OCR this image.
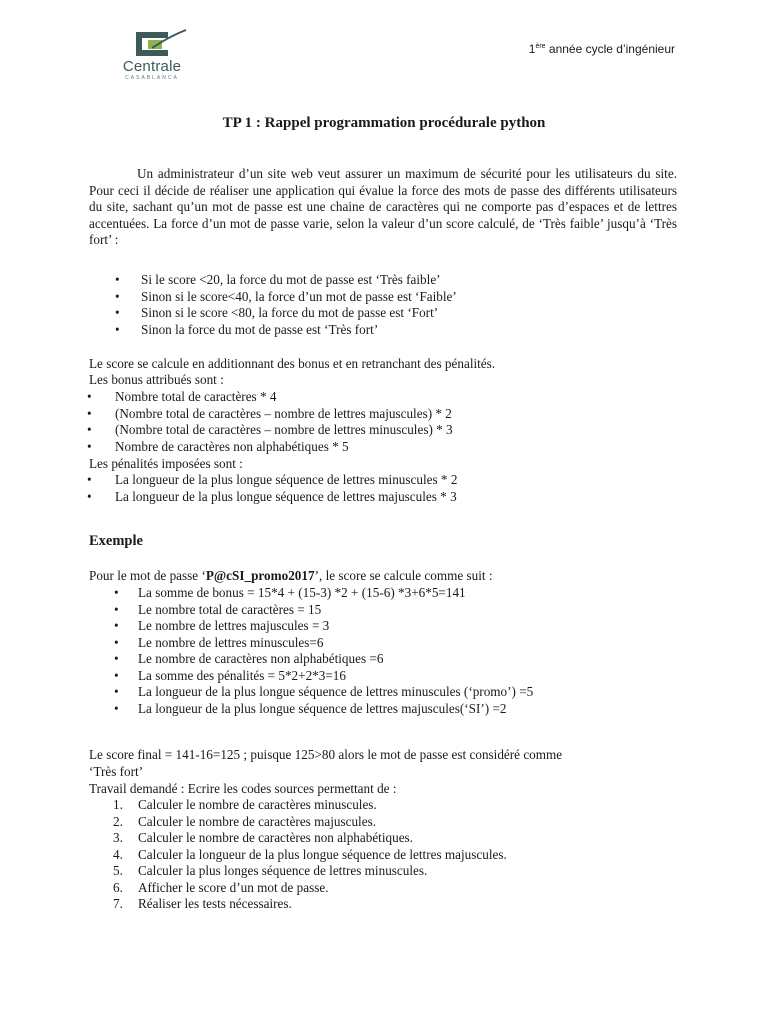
Centrale
CASABLANCA
1ère année cycle d’ingénieur
TP 1 : Rappel programmation procédurale python
Un administrateur d’un site web veut assurer un maximum de sécurité pour les utilisateurs du site. Pour ceci il décide de réaliser une application qui évalue la force des mots de passe des différents utilisateurs du site, sachant qu’un mot de passe est une chaine de caractères qui ne comporte pas d’espaces et de lettres accentuées. La force d’un mot de passe varie, selon la valeur d’un score calculé, de ‘Très faible’ jusqu’à ‘Très fort’ :
• Si le score <20, la force du mot de passe est ‘Très faible’
• Sinon si le score<40, la force d’un mot de passe est ‘Faible’
• Sinon si le score <80, la force du mot de passe est ‘Fort’
• Sinon la force du mot de passe est ‘Très fort’
Le score se calcule en additionnant des bonus et en retranchant des pénalités.
Les bonus attribués sont :
• Nombre total de caractères * 4
• (Nombre total de caractères – nombre de lettres majuscules) * 2
• (Nombre total de caractères – nombre de lettres minuscules) * 3
• Nombre de caractères non alphabétiques * 5
Les pénalités imposées sont :
• La longueur de la plus longue séquence de lettres minuscules * 2
• La longueur de la plus longue séquence de lettres majuscules * 3
Exemple
Pour le mot de passe ‘P@cSI_promo2017’, le score se calcule comme suit :
• La somme de bonus = 15*4 + (15-3) *2 + (15-6) *3+6*5=141
• Le nombre total de caractères = 15
• Le nombre de lettres majuscules = 3
• Le nombre de lettres minuscules=6
• Le nombre de caractères non alphabétiques =6
• La somme des pénalités = 5*2+2*3=16
• La longueur de la plus longue séquence de lettres minuscules (‘promo’) =5
• La longueur de la plus longue séquence de lettres majuscules(‘SI’) =2
Le score final = 141-16=125 ; puisque 125>80 alors le mot de passe est considéré comme
‘Très fort’
Travail demandé : Ecrire les codes sources permettant de :
1. Calculer le nombre de caractères minuscules.
2. Calculer le nombre de caractères majuscules.
3. Calculer le nombre de caractères non alphabétiques.
4. Calculer la longueur de la plus longue séquence de lettres majuscules.
5. Calculer la plus longes séquence de lettres minuscules.
6. Afficher le score d’un mot de passe.
7. Réaliser les tests nécessaires.
